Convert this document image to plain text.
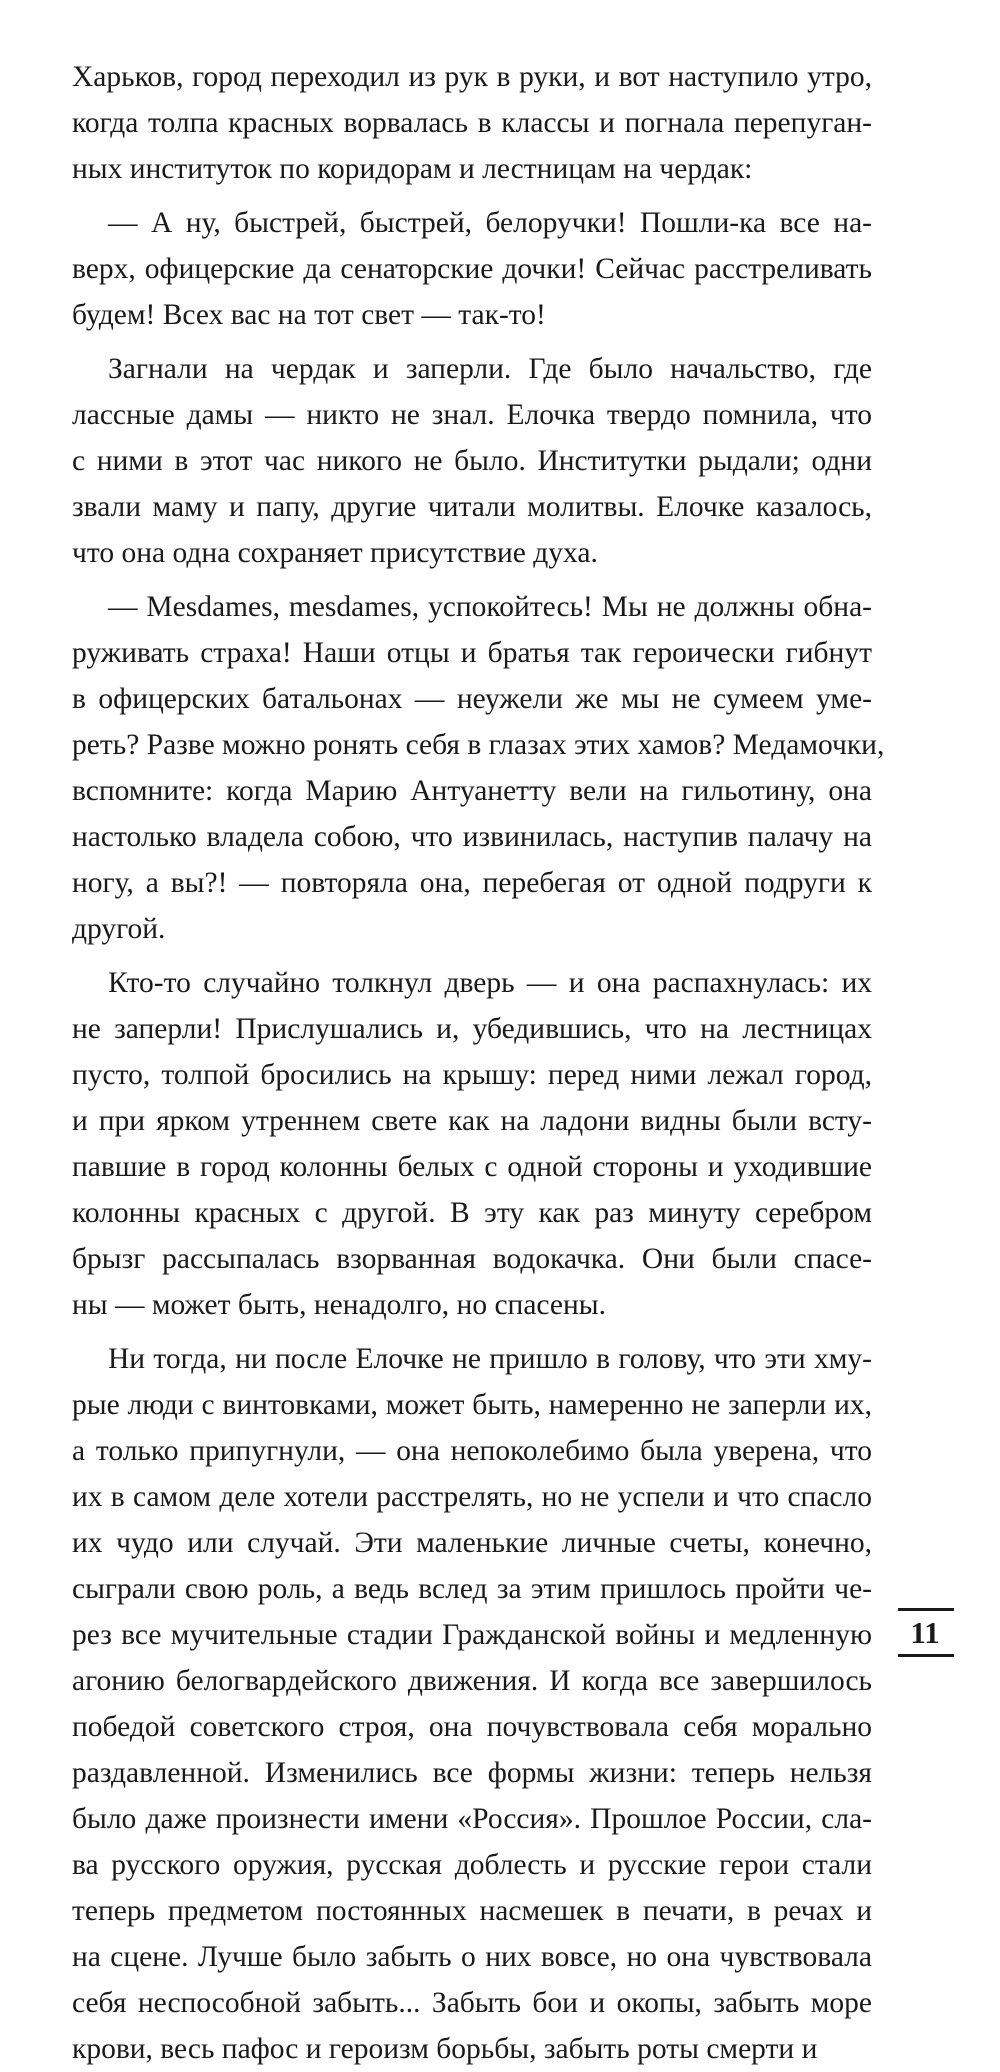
Харьков, город переходил из рук в руки, и вот наступило утро,
когда толпа красных ворвалась в классы и погнала перепуган-
ных институток по коридорам и лестницам на чердак:
— А ну, быстрей, быстрей, белоручки! Пошли-ка все на-
верх, офицерские да сенаторские дочки! Сейчас расстреливать
будем! Всех вас на тот свет — так-то!
Загнали на чердак и заперли. Где было начальство, где
лассные дамы — никто не знал. Елочка твердо помнила, что
с ними в этот час никого не было. Институтки рыдали; одни
звали маму и папу, другие читали молитвы. Елочке казалось,
что она одна сохраняет присутствие духа.
— Mesdames, mesdames, успокойтесь! Мы не должны обна-
руживать страха! Наши отцы и братья так героически гибнут
в офицерских батальонах — неужели же мы не сумеем уме-
реть? Разве можно ронять себя в глазах этих хамов? Медамочки,
вспомните: когда Марию Антуанетту вели на гильотину, она
настолько владела собою, что извинилась, наступив палачу на
ногу, а вы?! — повторяла она, перебегая от одной подруги к
другой.
Кто-то случайно толкнул дверь — и она распахнулась: их
не заперли! Прислушались и, убедившись, что на лестницах
пусто, толпой бросились на крышу: перед ними лежал город,
и при ярком утреннем свете как на ладони видны были всту-
павшие в город колонны белых с одной стороны и уходившие
колонны красных с другой. В эту как раз минуту серебром
брызг рассыпалась взорванная водокачка. Они были спасе-
ны — может быть, ненадолго, но спасены.
Ни тогда, ни после Елочке не пришло в голову, что эти хму-
рые люди с винтовками, может быть, намеренно не заперли их,
а только припугнули, — она непоколебимо была уверена, что
их в самом деле хотели расстрелять, но не успели и что спасло
их чудо или случай. Эти маленькие личные счеты, конечно,
сыграли свою роль, а ведь вслед за этим пришлось пройти че-
рез все мучительные стадии Гражданской войны и медленную
агонию белогвардейского движения. И когда все завершилось
победой советского строя, она почувствовала себя морально
раздавленной. Изменились все формы жизни: теперь нельзя
было даже произнести имени «Россия». Прошлое России, сла-
ва русского оружия, русская доблесть и русские герои стали
теперь предметом постоянных насмешек в печати, в речах и
на сцене. Лучше было забыть о них вовсе, но она чувствовала
себя неспособной забыть... Забыть бои и окопы, забыть море
крови, весь пафос и героизм борьбы, забыть роты смерти и
11
